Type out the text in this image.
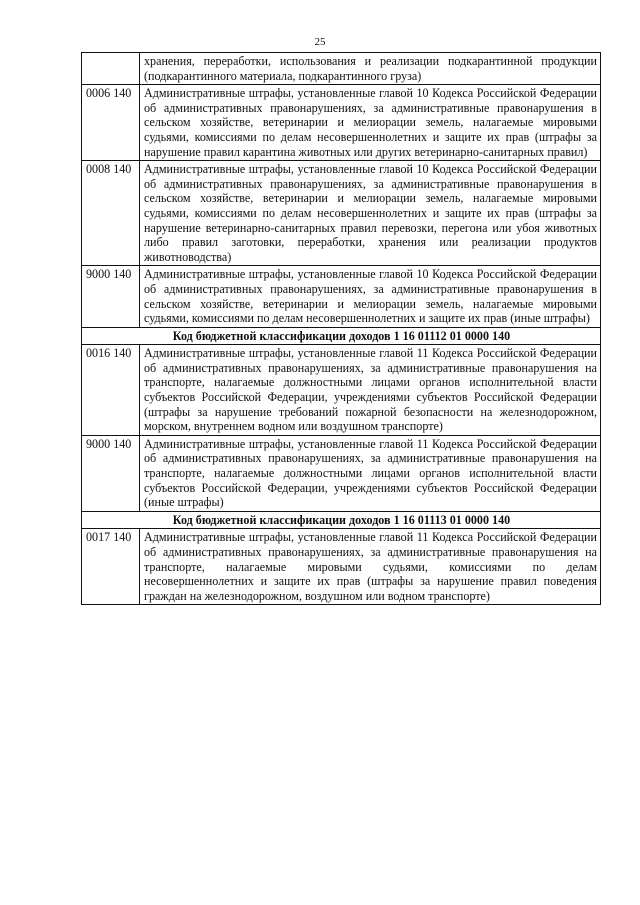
25
	хранения, переработки, использования и реализации подкарантинной продукции (подкарантинного материала, подкарантинного груза)
0006 140	Административные штрафы, установленные главой 10 Кодекса Российской Федерации об административных правонарушениях, за административные правонарушения в сельском хозяйстве, ветеринарии и мелиорации земель, налагаемые мировыми судьями, комиссиями по делам несовершеннолетних и защите их прав (штрафы за нарушение правил карантина животных или других ветеринарно-санитарных правил)
0008 140	Административные штрафы, установленные главой 10 Кодекса Российской Федерации об административных правонарушениях, за административные правонарушения в сельском хозяйстве, ветеринарии и мелиорации земель, налагаемые мировыми судьями, комиссиями по делам несовершеннолетних и защите их прав (штрафы за нарушение ветеринарно-санитарных правил перевозки, перегона или убоя животных либо правил заготовки, переработки, хранения или реализации продуктов животноводства)
9000 140	Административные штрафы, установленные главой 10 Кодекса Российской Федерации об административных правонарушениях, за административные правонарушения в сельском хозяйстве, ветеринарии и мелиорации земель, налагаемые мировыми судьями, комиссиями по делам несовершеннолетних и защите их прав (иные штрафы)
Код бюджетной классификации доходов 1 16 01112 01 0000 140	
0016 140	Административные штрафы, установленные главой 11 Кодекса Российской Федерации об административных правонарушениях, за административные правонарушения на транспорте, налагаемые должностными лицами органов исполнительной власти субъектов Российской Федерации, учреждениями субъектов Российской Федерации (штрафы за нарушение требований пожарной безопасности на железнодорожном, морском, внутреннем водном или воздушном транспорте)
9000 140	Административные штрафы, установленные главой 11 Кодекса Российской Федерации об административных правонарушениях, за административные правонарушения на транспорте, налагаемые должностными лицами органов исполнительной власти субъектов Российской Федерации, учреждениями субъектов Российской Федерации (иные штрафы)
Код бюджетной классификации доходов 1 16 01113 01 0000 140	
0017 140	Административные штрафы, установленные главой 11 Кодекса Российской Федерации об административных правонарушениях, за административные правонарушения на транспорте, налагаемые мировыми судьями, комиссиями по делам несовершеннолетних и защите их прав (штрафы за нарушение правил поведения граждан на железнодорожном, воздушном или водном транспорте)
